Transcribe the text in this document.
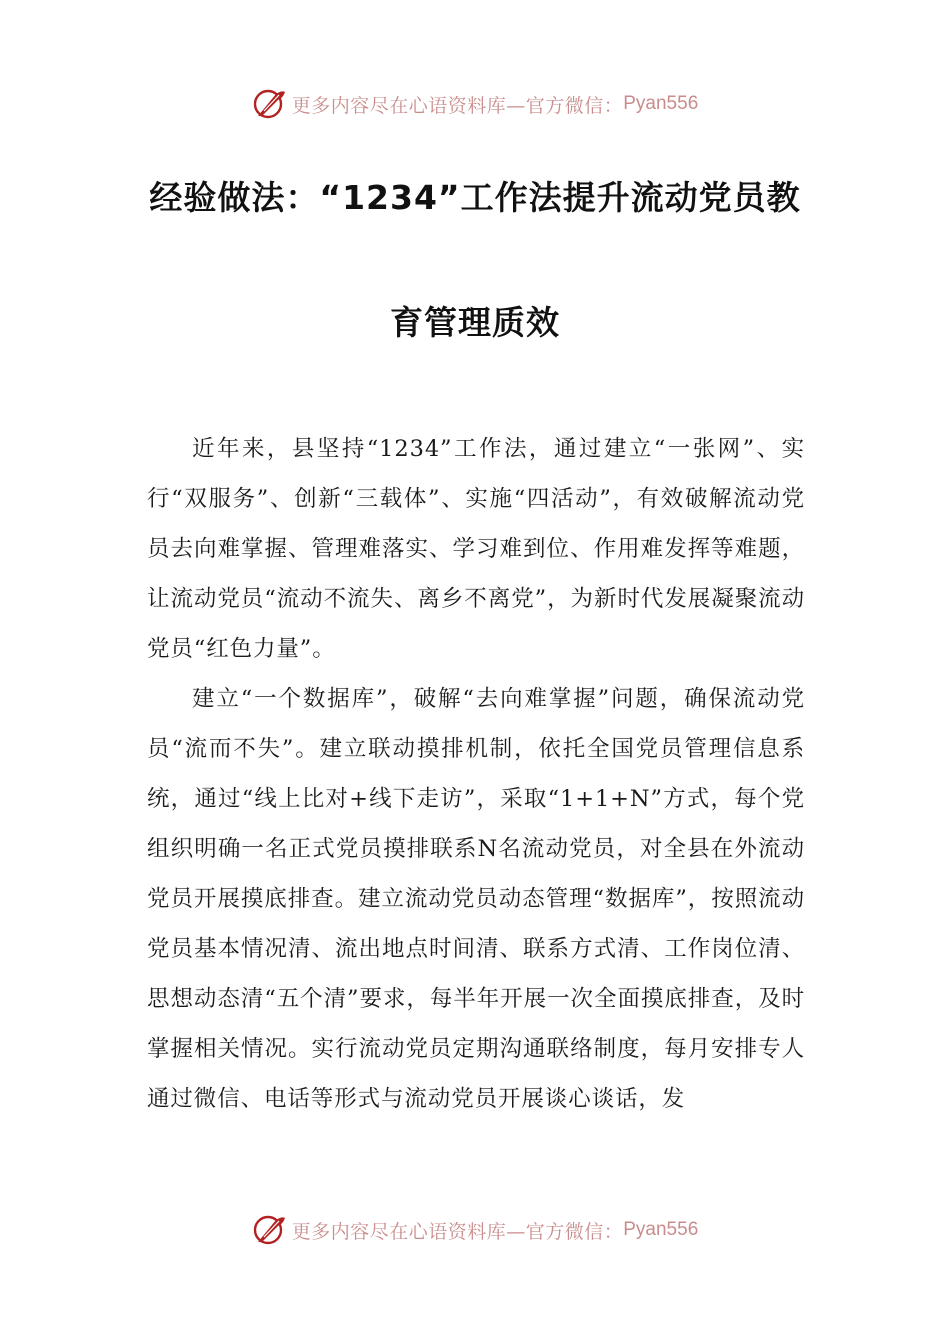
更多内容尽在心语资料库—官方微信： Pyan556
经验做法：“1234”工作法提升流动党员教
育管理质效

近年来，县坚持“1234”工作法，通过建立“一张网”、实行“双服务”、创新“三载体”、实施“四活动”，有效破解流动党员去向难掌握、管理难落实、学习难到位、作用难发挥等难题，让流动党员“流动不流失、离乡不离党”，为新时代发展凝聚流动党员“红色力量”。

建立“一个数据库”，破解“去向难掌握”问题，确保流动党员“流而不失”。建立联动摸排机制，依托全国党员管理信息系统，通过“线上比对+线下走访”，采取“1+1+N”方式，每个党组织明确一名正式党员摸排联系N名流动党员，对全县在外流动党员开展摸底排查。建立流动党员动态管理“数据库”，按照流动党员基本情况清、流出地点时间清、联系方式清、工作岗位清、思想动态清“五个清”要求，每半年开展一次全面摸底排查，及时掌握相关情况。实行流动党员定期沟通联络制度，每月安排专人通过微信、电话等形式与流动党员开展谈心谈话，发

更多内容尽在心语资料库—官方微信： Pyan556
